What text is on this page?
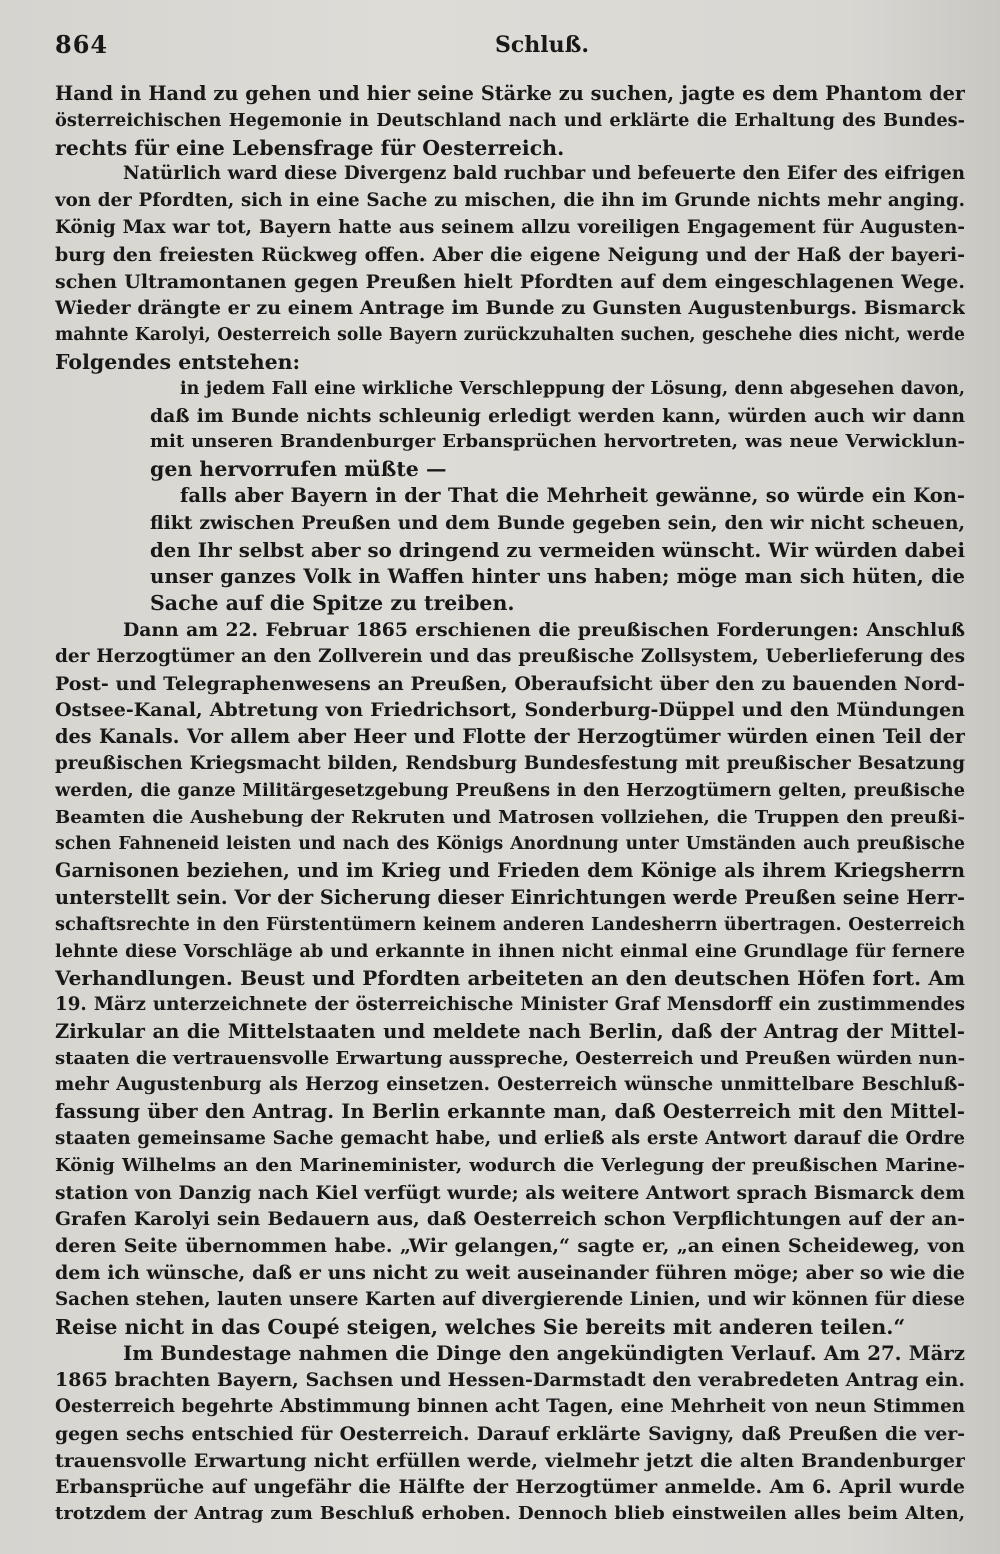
864	Schluß.
Hand in Hand zu gehen und hier seine Stärke zu suchen, jagte es dem Phantom der
österreichischen Hegemonie in Deutschland nach und erklärte die Erhaltung des Bundes-
rechts für eine Lebensfrage für Oesterreich.
Natürlich ward diese Divergenz bald ruchbar und befeuerte den Eifer des eifrigen
von der Pfordten, sich in eine Sache zu mischen, die ihn im Grunde nichts mehr anging.
König Max war tot, Bayern hatte aus seinem allzu voreiligen Engagement für Augusten-
burg den freiesten Rückweg offen. Aber die eigene Neigung und der Haß der bayeri-
schen Ultramontanen gegen Preußen hielt Pfordten auf dem eingeschlagenen Wege.
Wieder drängte er zu einem Antrage im Bunde zu Gunsten Augustenburgs. Bismarck
mahnte Karolyi, Oesterreich solle Bayern zurückzuhalten suchen, geschehe dies nicht, werde
Folgendes entstehen:
in jedem Fall eine wirkliche Verschleppung der Lösung, denn abgesehen davon,
daß im Bunde nichts schleunig erledigt werden kann, würden auch wir dann
mit unseren Brandenburger Erbansprüchen hervortreten, was neue Verwicklun-
gen hervorrufen müßte —
falls aber Bayern in der That die Mehrheit gewänne, so würde ein Kon-
flikt zwischen Preußen und dem Bunde gegeben sein, den wir nicht scheuen,
den Ihr selbst aber so dringend zu vermeiden wünscht. Wir würden dabei
unser ganzes Volk in Waffen hinter uns haben; möge man sich hüten, die
Sache auf die Spitze zu treiben.
Dann am 22. Februar 1865 erschienen die preußischen Forderungen: Anschluß
der Herzogtümer an den Zollverein und das preußische Zollsystem, Ueberlieferung des
Post- und Telegraphenwesens an Preußen, Oberaufsicht über den zu bauenden Nord-
Ostsee-Kanal, Abtretung von Friedrichsort, Sonderburg-Düppel und den Mündungen
des Kanals. Vor allem aber Heer und Flotte der Herzogtümer würden einen Teil der
preußischen Kriegsmacht bilden, Rendsburg Bundesfestung mit preußischer Besatzung
werden, die ganze Militärgesetzgebung Preußens in den Herzogtümern gelten, preußische
Beamten die Aushebung der Rekruten und Matrosen vollziehen, die Truppen den preußi-
schen Fahneneid leisten und nach des Königs Anordnung unter Umständen auch preußische
Garnisonen beziehen, und im Krieg und Frieden dem Könige als ihrem Kriegsherrn
unterstellt sein. Vor der Sicherung dieser Einrichtungen werde Preußen seine Herr-
schaftsrechte in den Fürstentümern keinem anderen Landesherrn übertragen. Oesterreich
lehnte diese Vorschläge ab und erkannte in ihnen nicht einmal eine Grundlage für fernere
Verhandlungen. Beust und Pfordten arbeiteten an den deutschen Höfen fort. Am
19. März unterzeichnete der österreichische Minister Graf Mensdorff ein zustimmendes
Zirkular an die Mittelstaaten und meldete nach Berlin, daß der Antrag der Mittel-
staaten die vertrauensvolle Erwartung ausspreche, Oesterreich und Preußen würden nun-
mehr Augustenburg als Herzog einsetzen. Oesterreich wünsche unmittelbare Beschluß-
fassung über den Antrag. In Berlin erkannte man, daß Oesterreich mit den Mittel-
staaten gemeinsame Sache gemacht habe, und erließ als erste Antwort darauf die Ordre
König Wilhelms an den Marineminister, wodurch die Verlegung der preußischen Marine-
station von Danzig nach Kiel verfügt wurde; als weitere Antwort sprach Bismarck dem
Grafen Karolyi sein Bedauern aus, daß Oesterreich schon Verpflichtungen auf der an-
deren Seite übernommen habe. „Wir gelangen,“ sagte er, „an einen Scheideweg, von
dem ich wünsche, daß er uns nicht zu weit auseinander führen möge; aber so wie die
Sachen stehen, lauten unsere Karten auf divergierende Linien, und wir können für diese
Reise nicht in das Coupé steigen, welches Sie bereits mit anderen teilen.“
Im Bundestage nahmen die Dinge den angekündigten Verlauf. Am 27. März
1865 brachten Bayern, Sachsen und Hessen-Darmstadt den verabredeten Antrag ein.
Oesterreich begehrte Abstimmung binnen acht Tagen, eine Mehrheit von neun Stimmen
gegen sechs entschied für Oesterreich. Darauf erklärte Savigny, daß Preußen die ver-
trauensvolle Erwartung nicht erfüllen werde, vielmehr jetzt die alten Brandenburger
Erbansprüche auf ungefähr die Hälfte der Herzogtümer anmelde. Am 6. April wurde
trotzdem der Antrag zum Beschluß erhoben. Dennoch blieb einstweilen alles beim Alten,
